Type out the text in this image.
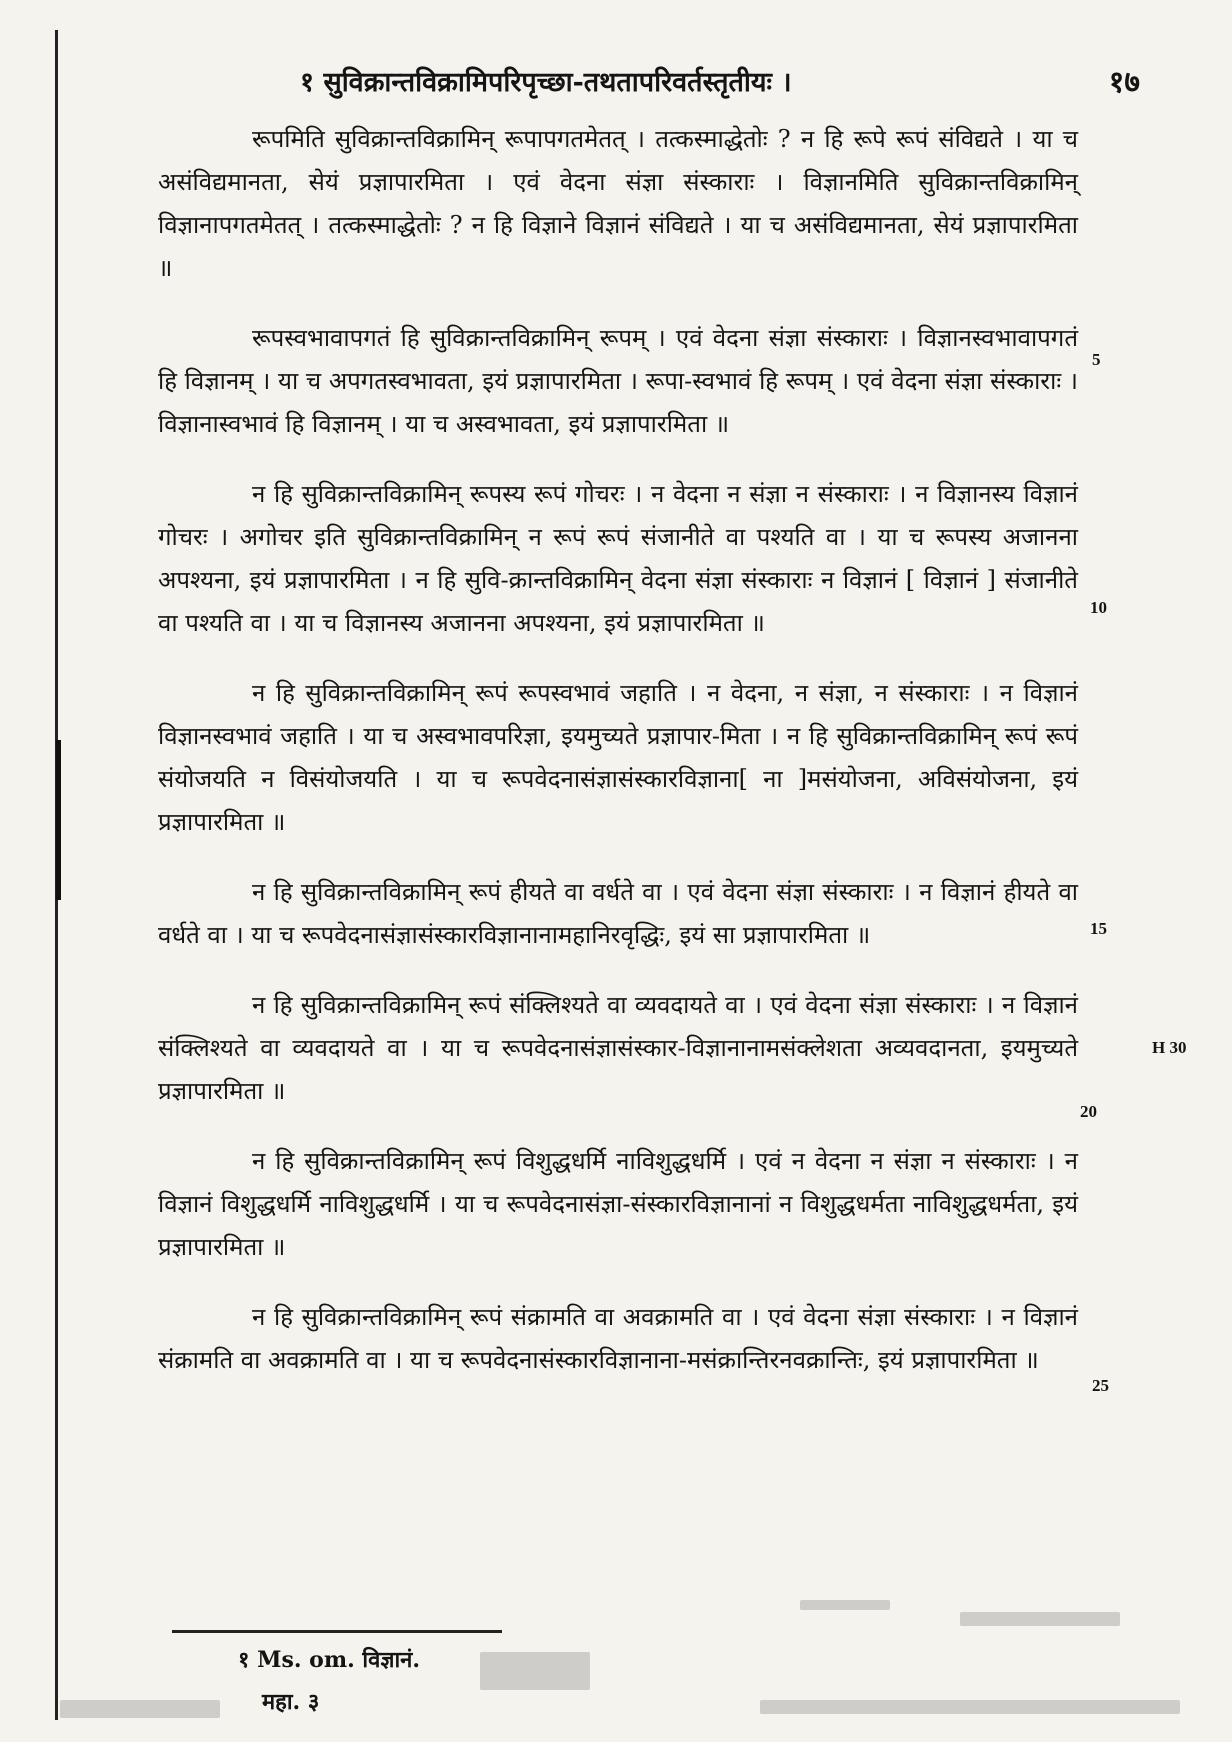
१ सुविक्रान्तविक्रामिपरिपृच्छा-तथतापरिवर्तस्तृतीयः ।	१७

रूपमिति सुविक्रान्तविक्रामिन् रूपापगतमेतत् । तत्कस्माद्धेतोः ? न हि रूपे रूपं संविद्यते । या च असंविद्यमानता, सेयं प्रज्ञापारमिता । एवं वेदना संज्ञा संस्काराः । विज्ञानमिति सुविक्रान्तविक्रामिन् विज्ञानापगतमेतत् । तत्कस्माद्धेतोः ? न हि विज्ञाने विज्ञानं संविद्यते । या च असंविद्यमानता, सेयं प्रज्ञापारमिता ॥

रूपस्वभावापगतं हि सुविक्रान्तविक्रामिन् रूपम् । एवं वेदना संज्ञा संस्काराः । विज्ञानस्वभावापगतं हि विज्ञानम् । या च अपगतस्वभावता, इयं प्रज्ञापारमिता । रूपा-स्वभावं हि रूपम् । एवं वेदना संज्ञा संस्काराः । विज्ञानास्वभावं हि विज्ञानम् । या च अस्वभावता, इयं प्रज्ञापारमिता ॥

न हि सुविक्रान्तविक्रामिन् रूपस्य रूपं गोचरः । न वेदना न संज्ञा न संस्काराः । न विज्ञानस्य विज्ञानं गोचरः । अगोचर इति सुविक्रान्तविक्रामिन् न रूपं रूपं संजानीते वा पश्यति वा । या च रूपस्य अजानना अपश्यना, इयं प्रज्ञापारमिता । न हि सुवि-क्रान्तविक्रामिन् वेदना संज्ञा संस्काराः न विज्ञानं [ विज्ञानं ] संजानीते वा पश्यति वा । या च विज्ञानस्य अजानना अपश्यना, इयं प्रज्ञापारमिता ॥

न हि सुविक्रान्तविक्रामिन् रूपं रूपस्वभावं जहाति । न वेदना, न संज्ञा, न संस्काराः । न विज्ञानं विज्ञानस्वभावं जहाति । या च अस्वभावपरिज्ञा, इयमुच्यते प्रज्ञापार-मिता । न हि सुविक्रान्तविक्रामिन् रूपं रूपं संयोजयति न विसंयोजयति । या च रूपवेदनासंज्ञासंस्कारविज्ञाना[ ना ]मसंयोजना, अविसंयोजना, इयं प्रज्ञापारमिता ॥

न हि सुविक्रान्तविक्रामिन् रूपं हीयते वा वर्धते वा । एवं वेदना संज्ञा संस्काराः । न विज्ञानं हीयते वा वर्धते वा । या च रूपवेदनासंज्ञासंस्कारविज्ञानानामहानिरवृद्धिः, इयं सा प्रज्ञापारमिता ॥

न हि सुविक्रान्तविक्रामिन् रूपं संक्लिश्यते वा व्यवदायते वा । एवं वेदना संज्ञा संस्काराः । न विज्ञानं संक्लिश्यते वा व्यवदायते वा । या च रूपवेदनासंज्ञासंस्कार-विज्ञानानामसंक्लेशता अव्यवदानता, इयमुच्यते प्रज्ञापारमिता ॥

न हि सुविक्रान्तविक्रामिन् रूपं विशुद्धधर्मि नाविशुद्धधर्मि । एवं न वेदना न संज्ञा न संस्काराः । न विज्ञानं विशुद्धधर्मि नाविशुद्धधर्मि । या च रूपवेदनासंज्ञा-संस्कारविज्ञानानां न विशुद्धधर्मता नाविशुद्धधर्मता, इयं प्रज्ञापारमिता ॥

न हि सुविक्रान्तविक्रामिन् रूपं संक्रामति वा अवक्रामति वा । एवं वेदना संज्ञा संस्काराः । न विज्ञानं संक्रामति वा अवक्रामति वा । या च रूपवेदनासंस्कारविज्ञानाना-मसंक्रान्तिरनवक्रान्तिः, इयं प्रज्ञापारमिता ॥

5
10
15
20
25
H 30
१ Ms. om. विज्ञानं.
महा. ३
